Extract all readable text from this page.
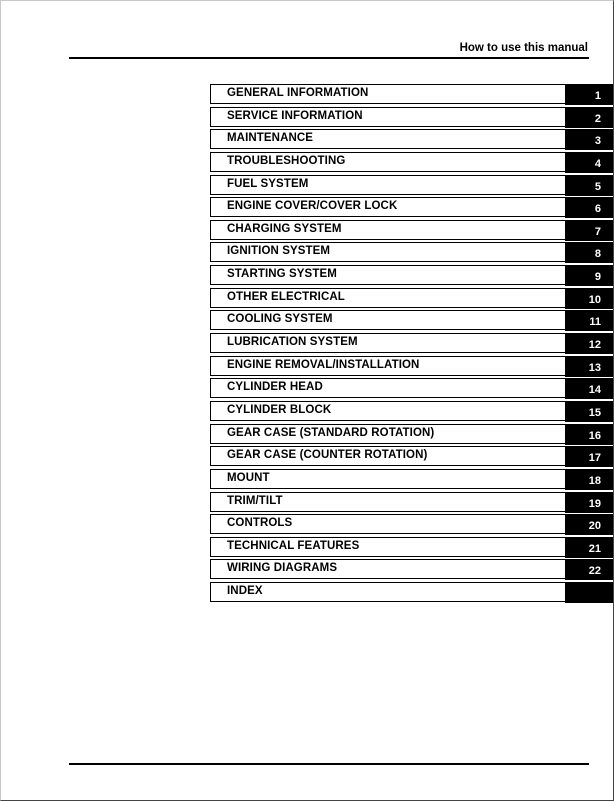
How to use this manual
GENERAL INFORMATION	1
SERVICE INFORMATION	2
MAINTENANCE	3
TROUBLESHOOTING	4
FUEL SYSTEM	5
ENGINE COVER/COVER LOCK	6
CHARGING SYSTEM	7
IGNITION SYSTEM	8
STARTING SYSTEM	9
OTHER ELECTRICAL	10
COOLING SYSTEM	11
LUBRICATION SYSTEM	12
ENGINE REMOVAL/INSTALLATION	13
CYLINDER HEAD	14
CYLINDER BLOCK	15
GEAR CASE (STANDARD ROTATION)	16
GEAR CASE (COUNTER ROTATION)	17
MOUNT	18
TRIM/TILT	19
CONTROLS	20
TECHNICAL FEATURES	21
WIRING DIAGRAMS	22
INDEX
